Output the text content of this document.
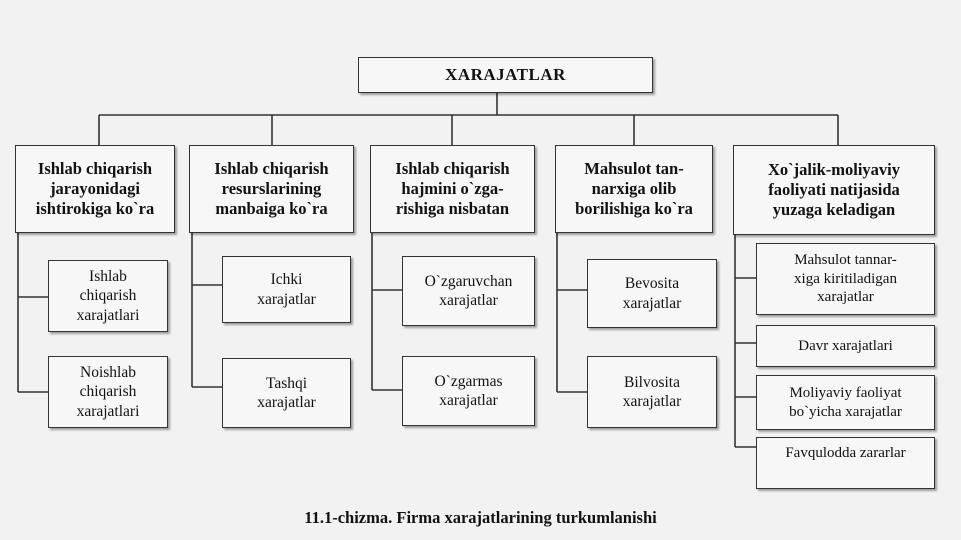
XARAJATLAR
Ishlab chiqarish
jarayonidagi
ishtirokiga ko`ra
Ishlab chiqarish
resurslarining
manbaiga ko`ra
Ishlab chiqarish
hajmini o`zga-
rishiga nisbatan
Mahsulot tan-
narxiga olib
borilishiga ko`ra
Xo`jalik-moliyaviy
faoliyati natijasida
yuzaga keladigan
Ishlab
chiqarish
xarajatlari
Noishlab
chiqarish
xarajatlari
Ichki
xarajatlar
Tashqi
xarajatlar
O`zgaruvchan
xarajatlar
O`zgarmas
xarajatlar
Bevosita
xarajatlar
Bilvosita
xarajatlar
Mahsulot tannar-
xiga kiritiladigan
xarajatlar
Davr xarajatlari
Moliyaviy faoliyat
bo`yicha xarajatlar
Favqulodda zararlar
11.1-chizma. Firma xarajatlarining turkumlanishi
